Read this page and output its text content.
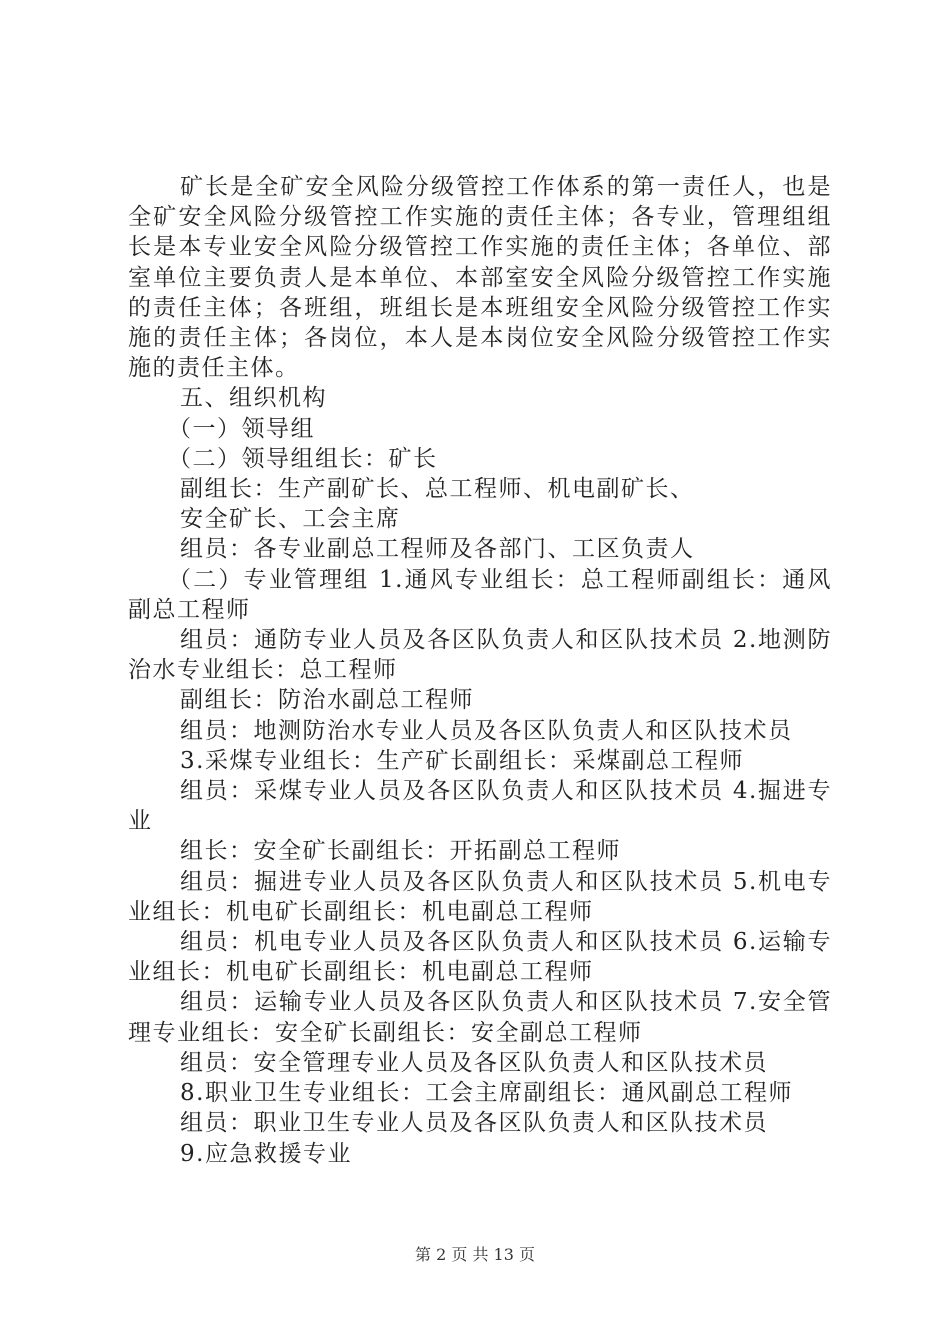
矿长是全矿安全风险分级管控工作体系的第一责任人，也是全矿安全风险分级管控工作实施的责任主体；各专业，管理组组长是本专业安全风险分级管控工作实施的责任主体；各单位、部室单位主要负责人是本单位、本部室安全风险分级管控工作实施的责任主体；各班组，班组长是本班组安全风险分级管控工作实施的责任主体；各岗位，本人是本岗位安全风险分级管控工作实施的责任主体。

五、组织机构

（一）领导组

（二）领导组组长：矿长

副组长：生产副矿长、总工程师、机电副矿长、

安全矿长、工会主席

组员：各专业副总工程师及各部门、工区负责人

（二）专业管理组 1.通风专业组长：总工程师副组长：通风副总工程师

组员：通防专业人员及各区队负责人和区队技术员 2.地测防治水专业组长：总工程师

副组长：防治水副总工程师

组员：地测防治水专业人员及各区队负责人和区队技术员

3.采煤专业组长：生产矿长副组长：采煤副总工程师

组员：采煤专业人员及各区队负责人和区队技术员 4.掘进专业

组长：安全矿长副组长：开拓副总工程师

组员：掘进专业人员及各区队负责人和区队技术员 5.机电专业组长：机电矿长副组长：机电副总工程师

组员：机电专业人员及各区队负责人和区队技术员 6.运输专业组长：机电矿长副组长：机电副总工程师

组员：运输专业人员及各区队负责人和区队技术员 7.安全管理专业组长：安全矿长副组长：安全副总工程师

组员：安全管理专业人员及各区队负责人和区队技术员

8.职业卫生专业组长：工会主席副组长：通风副总工程师

组员：职业卫生专业人员及各区队负责人和区队技术员

9.应急救援专业

第 2 页 共 13 页
